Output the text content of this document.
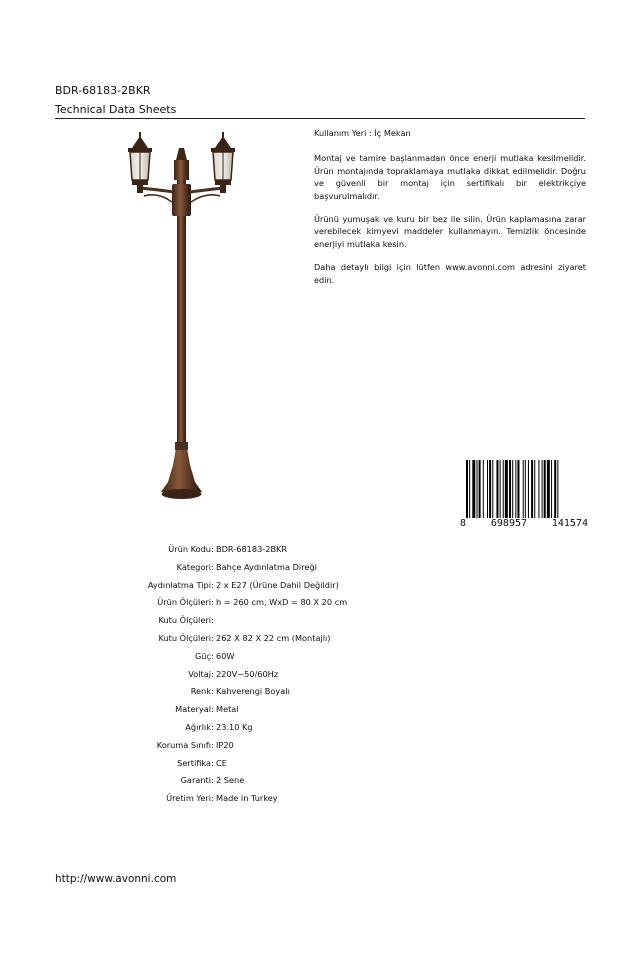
BDR-68183-2BKR
Technical Data Sheets

Kullanım Yeri : İç Mekan

Montaj ve tamire başlanmadan önce enerji mutlaka kesilmelidir. Ürün montajında topraklamaya mutlaka dikkat edilmelidir. Doğru ve güvenli bir montaj için sertifikalı bir elektrikçiye başvurulmalıdır.

Ürünü yumuşak ve kuru bir bez ile silin. Ürün kaplamasına zarar verebilecek kimyevi maddeler kullanmayın. Temizlik öncesinde enerjiyi mutlaka kesin.

Daha detaylı bilgi için lütfen www.avonni.com adresini ziyaret edin.

8 698957 141574
Ürün Kodu : BDR-68183-2BKR
Kategori : Bahçe Aydınlatma Direği
Aydınlatma Tipi : 2 x E27 (Ürüne Dahil Değildir)
Ürün Ölçüleri : h = 260 cm, WxD = 80 X 20 cm
Kutu Ölçüleri :
Kutu Ölçüleri : 262 X 82 X 22 cm (Montajlı)
Güç : 60W
Voltaj : 220V~50/60Hz
Renk : Kahverengi Boyalı
Materyal : Metal
Ağırlık : 23.10 Kg
Koruma Sınıfı : IP20
Sertifika : CE
Garanti : 2 Sene
Üretim Yeri : Made in Turkey
http://www.avonni.com
